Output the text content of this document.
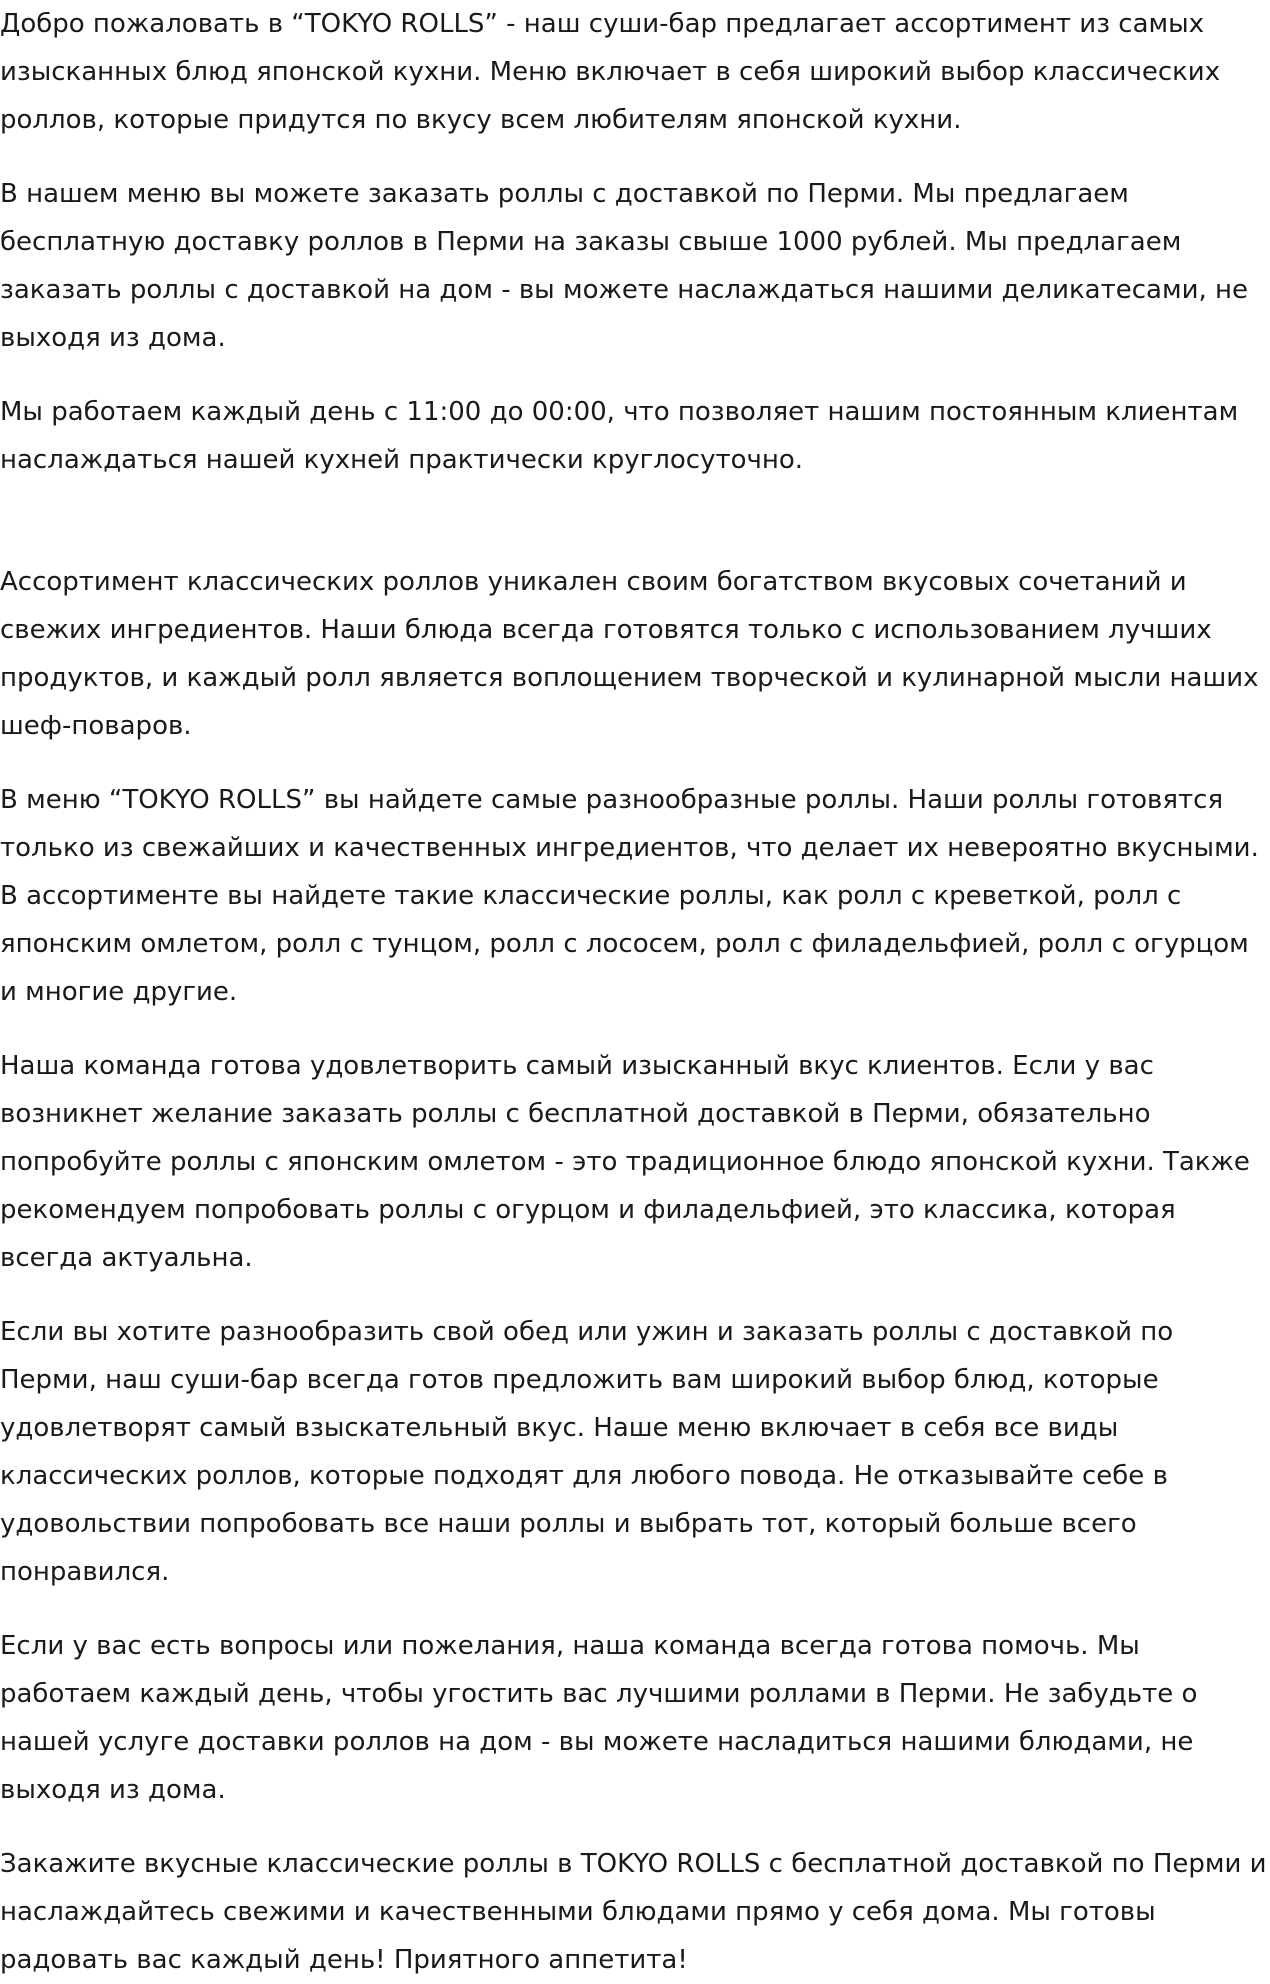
Добро пожаловать в “TOKYO ROLLS” - наш суши-бар предлагает ассортимент из самых изысканных блюд японской кухни. Меню включает в себя широкий выбор классических роллов, которые придутся по вкусу всем любителям японской кухни.

В нашем меню вы можете заказать роллы с доставкой по Перми. Мы предлагаем бесплатную доставку роллов в Перми на заказы свыше 1000 рублей. Мы предлагаем заказать роллы с доставкой на дом - вы можете наслаждаться нашими деликатесами, не выходя из дома.

Мы работаем каждый день с 11:00 до 00:00, что позволяет нашим постоянным клиентам наслаждаться нашей кухней практически круглосуточно.

Ассортимент классических роллов уникален своим богатством вкусовых сочетаний и свежих ингредиентов. Наши блюда всегда готовятся только с использованием лучших продуктов, и каждый ролл является воплощением творческой и кулинарной мысли наших шеф-поваров.

В меню “TOKYO ROLLS” вы найдете самые разнообразные роллы. Наши роллы готовятся только из свежайших и качественных ингредиентов, что делает их невероятно вкусными. В ассортименте вы найдете такие классические роллы, как ролл с креветкой, ролл с японским омлетом, ролл с тунцом, ролл с лососем, ролл с филадельфией, ролл с огурцом и многие другие.

Наша команда готова удовлетворить самый изысканный вкус клиентов. Если у вас возникнет желание заказать роллы с бесплатной доставкой в Перми, обязательно попробуйте роллы с японским омлетом - это традиционное блюдо японской кухни. Также рекомендуем попробовать роллы с огурцом и филадельфией, это классика, которая всегда актуальна.

Если вы хотите разнообразить свой обед или ужин и заказать роллы с доставкой по Перми, наш суши-бар всегда готов предложить вам широкий выбор блюд, которые удовлетворят самый взыскательный вкус. Наше меню включает в себя все виды классических роллов, которые подходят для любого повода. Не отказывайте себе в удовольствии попробовать все наши роллы и выбрать тот, который больше всего понравился.

Если у вас есть вопросы или пожелания, наша команда всегда готова помочь. Мы работаем каждый день, чтобы угостить вас лучшими роллами в Перми. Не забудьте о нашей услуге доставки роллов на дом - вы можете насладиться нашими блюдами, не выходя из дома.

Закажите вкусные классические роллы в TOKYO ROLLS с бесплатной доставкой по Перми и наслаждайтесь свежими и качественными блюдами прямо у себя дома. Мы готовы радовать вас каждый день! Приятного аппетита!
